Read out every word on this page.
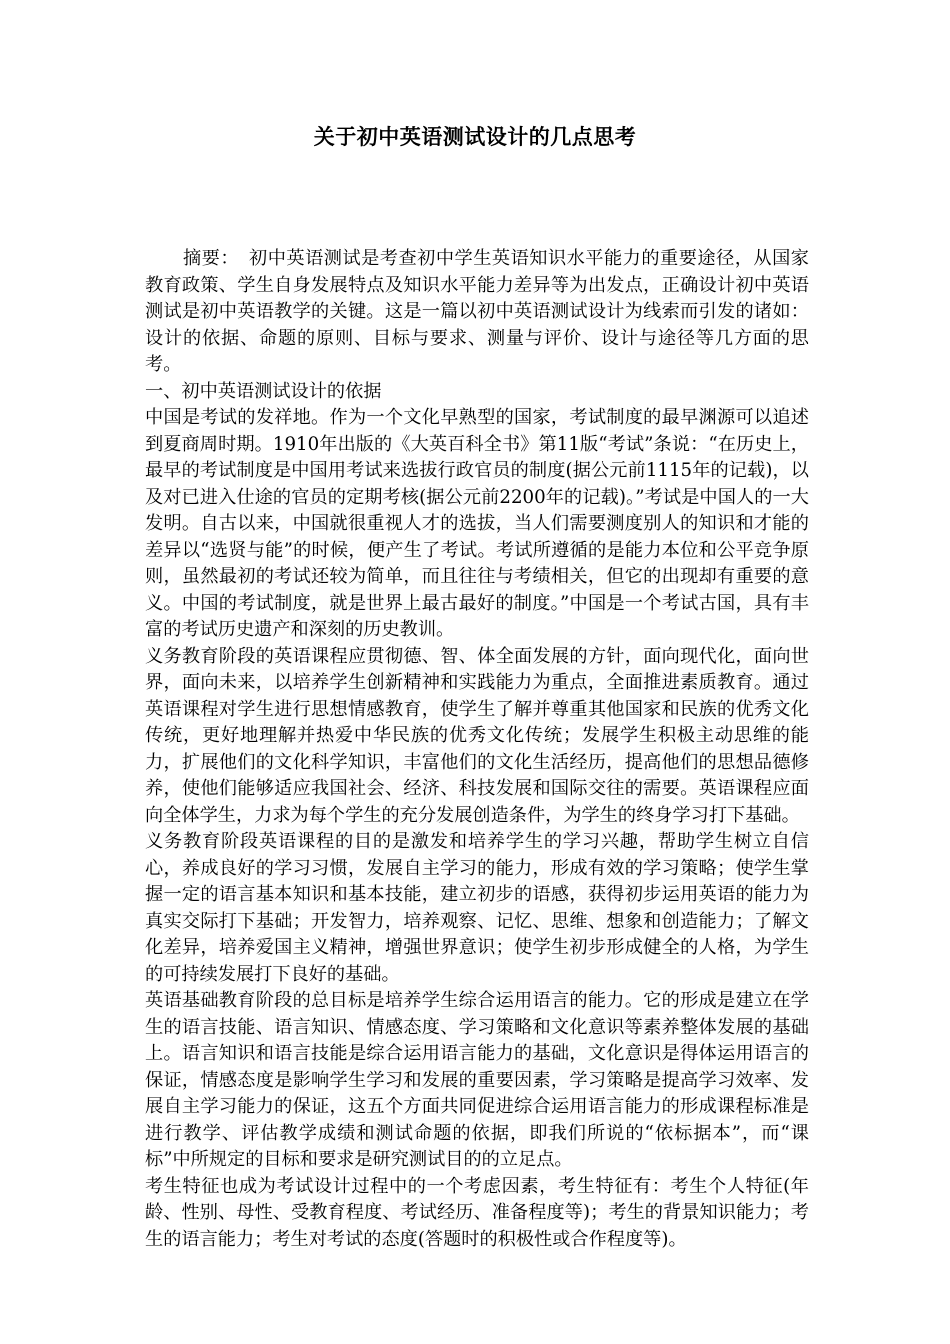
关于初中英语测试设计的几点思考

摘要： 初中英语测试是考查初中学生英语知识水平能力的重要途径，从国家教育政策、学生自身发展特点及知识水平能力差异等为出发点，正确设计初中英语测试是初中英语教学的关键。这是一篇以初中英语测试设计为线索而引发的诸如：设计的依据、命题的原则、目标与要求、测量与评价、设计与途径等几方面的思考。

一、初中英语测试设计的依据

中国是考试的发祥地。作为一个文化早熟型的国家，考试制度的最早渊源可以追述到夏商周时期。1910年出版的《大英百科全书》第11版“考试”条说：“在历史上，最早的考试制度是中国用考试来选拔行政官员的制度(据公元前1115年的记载)，以及对已进入仕途的官员的定期考核(据公元前2200年的记载)。”考试是中国人的一大发明。自古以来，中国就很重视人才的选拔，当人们需要测度别人的知识和才能的差异以“选贤与能”的时候，便产生了考试。考试所遵循的是能力本位和公平竞争原则，虽然最初的考试还较为简单，而且往往与考绩相关，但它的出现却有重要的意义。中国的考试制度，就是世界上最古最好的制度。”中国是一个考试古国，具有丰富的考试历史遗产和深刻的历史教训。

义务教育阶段的英语课程应贯彻德、智、体全面发展的方针，面向现代化，面向世界，面向未来，以培养学生创新精神和实践能力为重点，全面推进素质教育。通过英语课程对学生进行思想情感教育，使学生了解并尊重其他国家和民族的优秀文化传统，更好地理解并热爱中华民族的优秀文化传统；发展学生积极主动思维的能力，扩展他们的文化科学知识，丰富他们的文化生活经历，提高他们的思想品德修养，使他们能够适应我国社会、经济、科技发展和国际交往的需要。英语课程应面向全体学生，力求为每个学生的充分发展创造条件，为学生的终身学习打下基础。

义务教育阶段英语课程的目的是激发和培养学生的学习兴趣，帮助学生树立自信心，养成良好的学习习惯，发展自主学习的能力，形成有效的学习策略；使学生掌握一定的语言基本知识和基本技能，建立初步的语感，获得初步运用英语的能力为真实交际打下基础；开发智力，培养观察、记忆、思维、想象和创造能力；了解文化差异，培养爱国主义精神，增强世界意识；使学生初步形成健全的人格，为学生的可持续发展打下良好的基础。

英语基础教育阶段的总目标是培养学生综合运用语言的能力。它的形成是建立在学生的语言技能、语言知识、情感态度、学习策略和文化意识等素养整体发展的基础上。语言知识和语言技能是综合运用语言能力的基础，文化意识是得体运用语言的保证，情感态度是影响学生学习和发展的重要因素，学习策略是提高学习效率、发展自主学习能力的保证，这五个方面共同促进综合运用语言能力的形成课程标准是进行教学、评估教学成绩和测试命题的依据，即我们所说的“依标据本”，而“课标”中所规定的目标和要求是研究测试目的的立足点。

考生特征也成为考试设计过程中的一个考虑因素，考生特征有：考生个人特征(年龄、性别、母性、受教育程度、考试经历、准备程度等)；考生的背景知识能力；考生的语言能力；考生对考试的态度(答题时的积极性或合作程度等)。
